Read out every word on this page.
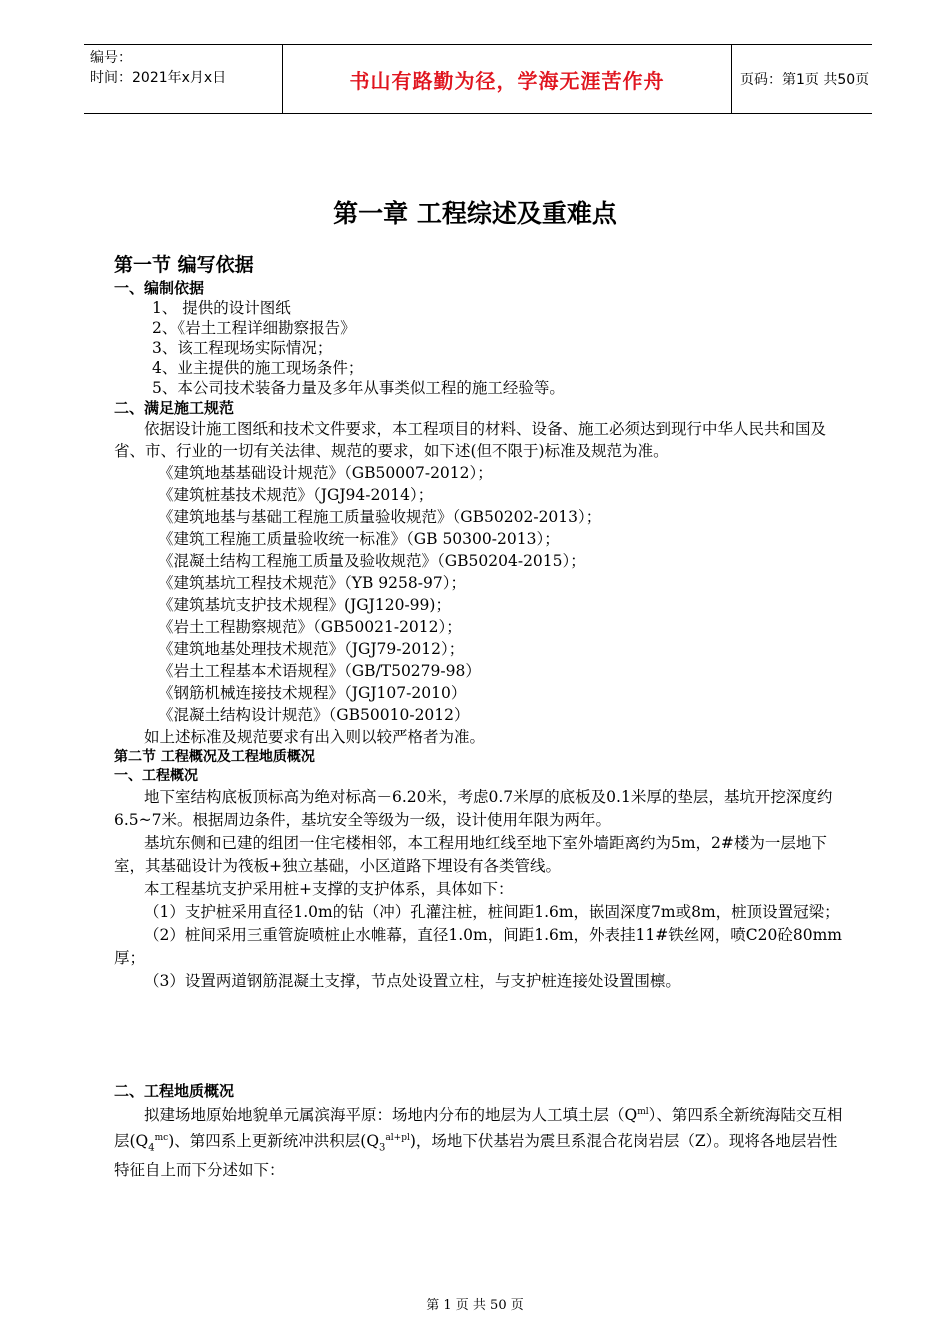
编号：
时间：2021年x月x日	书山有路勤为径，学海无涯苦作舟	页码：第1页 共50页
第一章 工程综述及重难点
第一节 编写依据
一、编制依据
1、 提供的设计图纸
2、《岩土工程详细勘察报告》
3、该工程现场实际情况；
4、业主提供的施工现场条件；
5、本公司技术装备力量及多年从事类似工程的施工经验等。
二、满足施工规范
依据设计施工图纸和技术文件要求，本工程项目的材料、设备、施工必须达到现行中华人民共和国及省、市、行业的一切有关法律、规范的要求，如下述(但不限于)标准及规范为准。
《建筑地基基础设计规范》（GB50007-2012）；
《建筑桩基技术规范》（JGJ94-2014）；
《建筑地基与基础工程施工质量验收规范》（GB50202-2013）；
《建筑工程施工质量验收统一标准》（GB 50300-2013）；
《混凝土结构工程施工质量及验收规范》（GB50204-2015）；
《建筑基坑工程技术规范》（YB 9258-97）；
《建筑基坑支护技术规程》(JGJ120-99)；
《岩土工程勘察规范》（GB50021-2012）；
《建筑地基处理技术规范》（JGJ79-2012）；
《岩土工程基本术语规程》（GB/T50279-98）
《钢筋机械连接技术规程》（JGJ107-2010）
《混凝土结构设计规范》（GB50010-2012）
如上述标准及规范要求有出入则以较严格者为准。
第二节 工程概况及工程地质概况
一、工程概况
地下室结构底板顶标高为绝对标高－6.20米，考虑0.7米厚的底板及0.1米厚的垫层，基坑开挖深度约6.5~7米。根据周边条件，基坑安全等级为一级，设计使用年限为两年。
基坑东侧和已建的组团一住宅楼相邻，本工程用地红线至地下室外墙距离约为5m，2#楼为一层地下室，其基础设计为筏板+独立基础，小区道路下埋设有各类管线。
本工程基坑支护采用桩+支撑的支护体系，具体如下：
（1）支护桩采用直径1.0m的钻（冲）孔灌注桩，桩间距1.6m，嵌固深度7m或8m，桩顶设置冠梁；
（2）桩间采用三重管旋喷桩止水帷幕，直径1.0m，间距1.6m，外表挂11#铁丝网，喷C20砼80mm厚；
（3）设置两道钢筋混凝土支撑，节点处设置立柱，与支护桩连接处设置围檩。
二、工程地质概况
拟建场地原始地貌单元属滨海平原：场地内分布的地层为人工填土层$(Q^{ml})$、第四系全新统海陆交互相层$(Q_4^{mc})$、第四系上更新统冲洪积层$(Q_3^{al+pl})$，场地下伏基岩为震旦系混合花岗岩层（Z）。现将各地层岩性特征自上而下分述如下：
第 1 页 共 50 页
